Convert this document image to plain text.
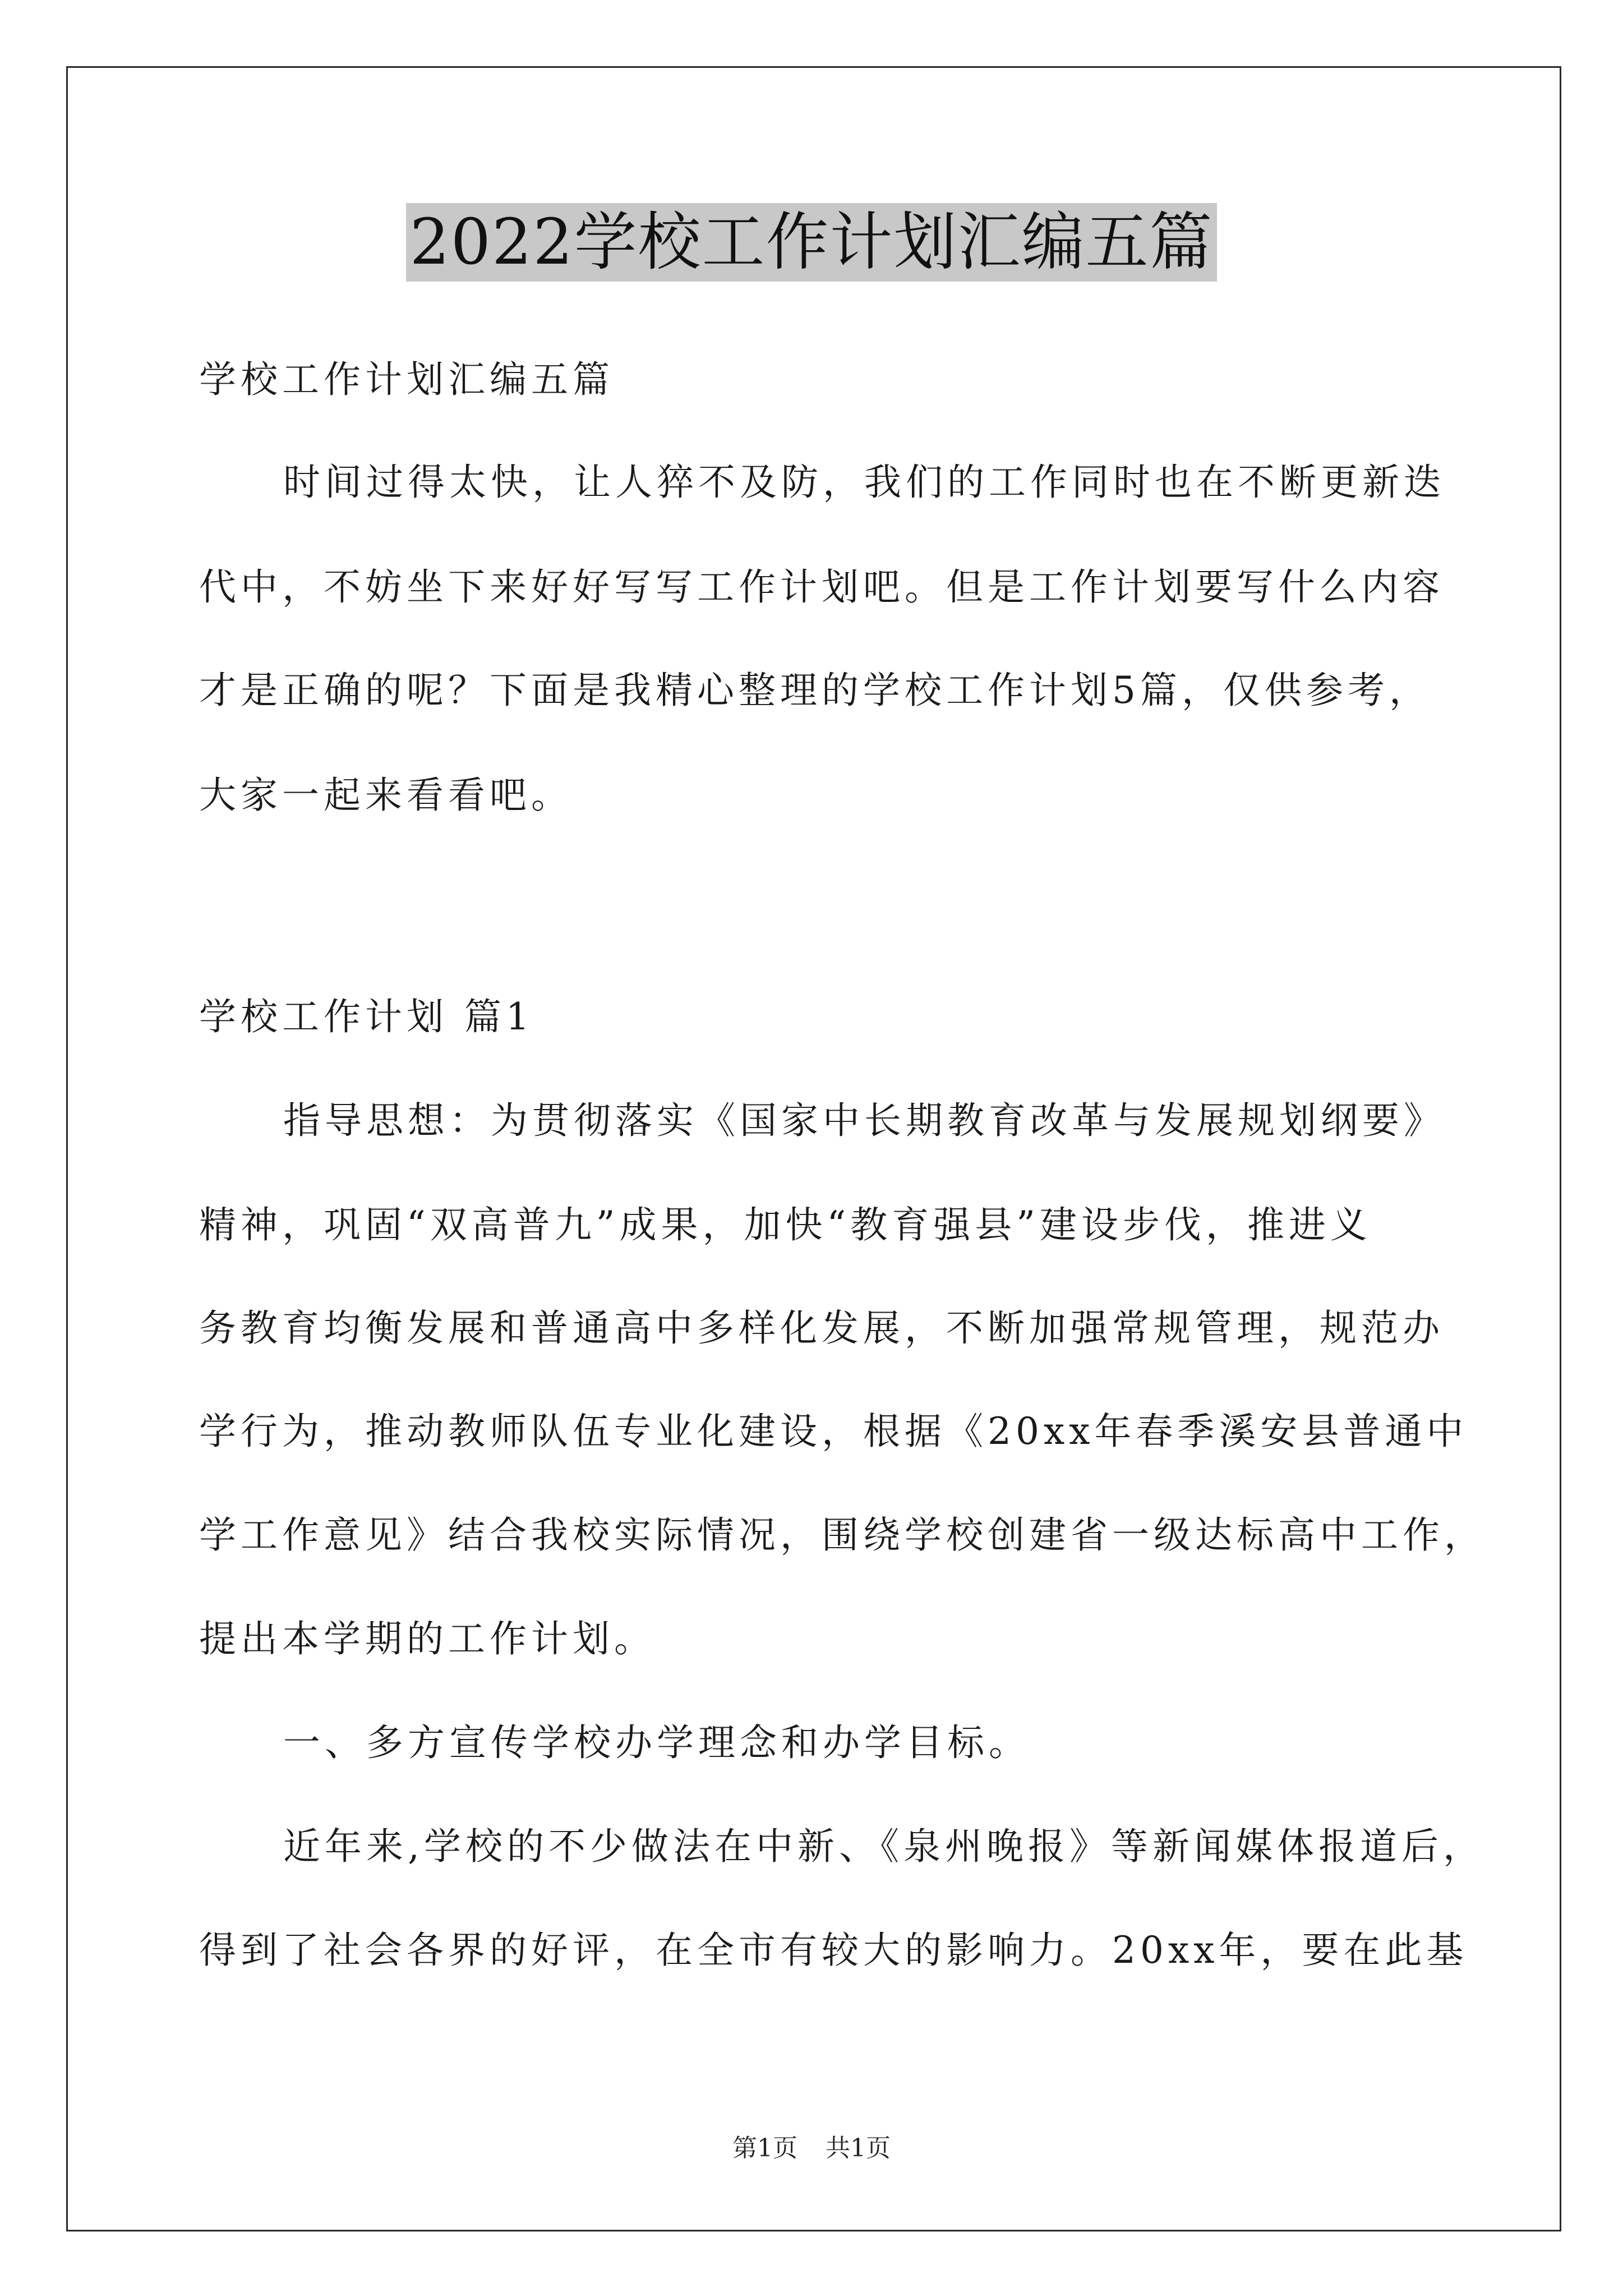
2022学校工作计划汇编五篇
学校工作计划汇编五篇
时间过得太快，让人猝不及防，我们的工作同时也在不断更新迭
代中，不妨坐下来好好写写工作计划吧。但是工作计划要写什么内容
才是正确的呢？下面是我精心整理的学校工作计划5篇，仅供参考，
大家一起来看看吧。
学校工作计划 篇1
指导思想：为贯彻落实《国家中长期教育改革与发展规划纲要》
精神，巩固“双高普九”成果，加快“教育强县”建设步伐，推进义
务教育均衡发展和普通高中多样化发展，不断加强常规管理，规范办
学行为，推动教师队伍专业化建设，根据《20xx年春季溪安县普通中
学工作意见》结合我校实际情况，围绕学校创建省一级达标高中工作，
提出本学期的工作计划。
一、多方宣传学校办学理念和办学目标。
近年来,学校的不少做法在中新、《泉州晚报》等新闻媒体报道后，
得到了社会各界的好评，在全市有较大的影响力。20xx年，要在此基
第1页 共1页
